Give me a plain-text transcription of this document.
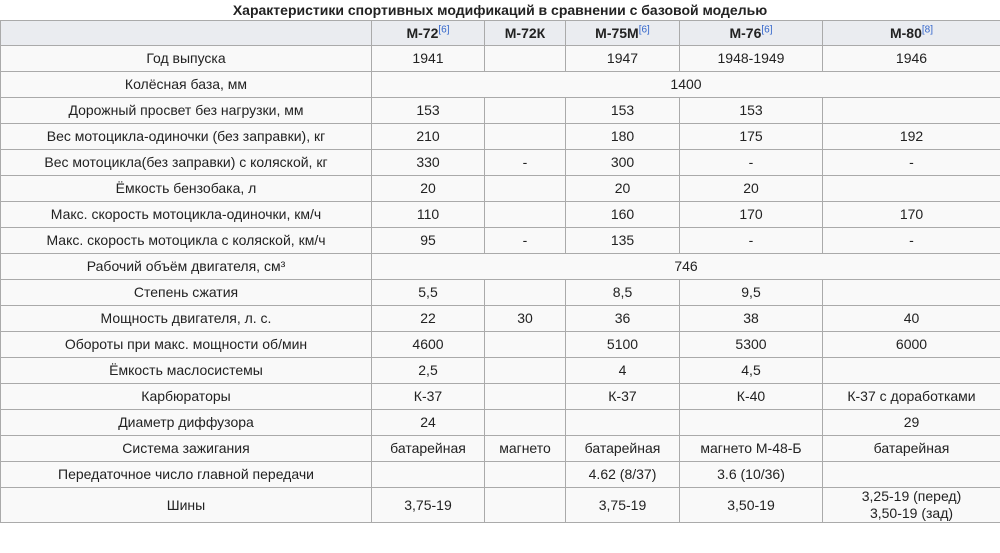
Характеристики спортивных модификаций в сравнении с базовой моделью
	М-72[6]	М-72К	М-75М[6]	М-76[6]	М-80[8]
Год выпуска	1941		1947	1948-1949	1946
Колёсная база, мм	1400				
Дорожный просвет без нагрузки, мм	153		153	153	
Вес мотоцикла-одиночки (без заправки), кг	210		180	175	192
Вес мотоцикла(без заправки) с коляской, кг	330	-	300	-	-
Ёмкость бензобака, л	20		20	20	
Макс. скорость мотоцикла-одиночки, км/ч	110		160	170	170
Макс. скорость мотоцикла с коляской, км/ч	95	-	135	-	-
Рабочий объём двигателя, см³	746				
Степень сжатия	5,5		8,5	9,5	
Мощность двигателя, л. с.	22	30	36	38	40
Обороты при макс. мощности об/мин	4600		5100	5300	6000
Ёмкость маслосистемы	2,5		4	4,5	
Карбюраторы	К-37		К-37	К-40	К-37 с доработками
Диаметр диффузора	24				29
Система зажигания	батарейная	магнето	батарейная	магнето М-48-Б	батарейная
Передаточное число главной передачи			4.62 (8/37)	3.6 (10/36)	
Шины	3,75-19		3,75-19	3,50-19	3,25-19 (перед)
3,50-19 (зад)
